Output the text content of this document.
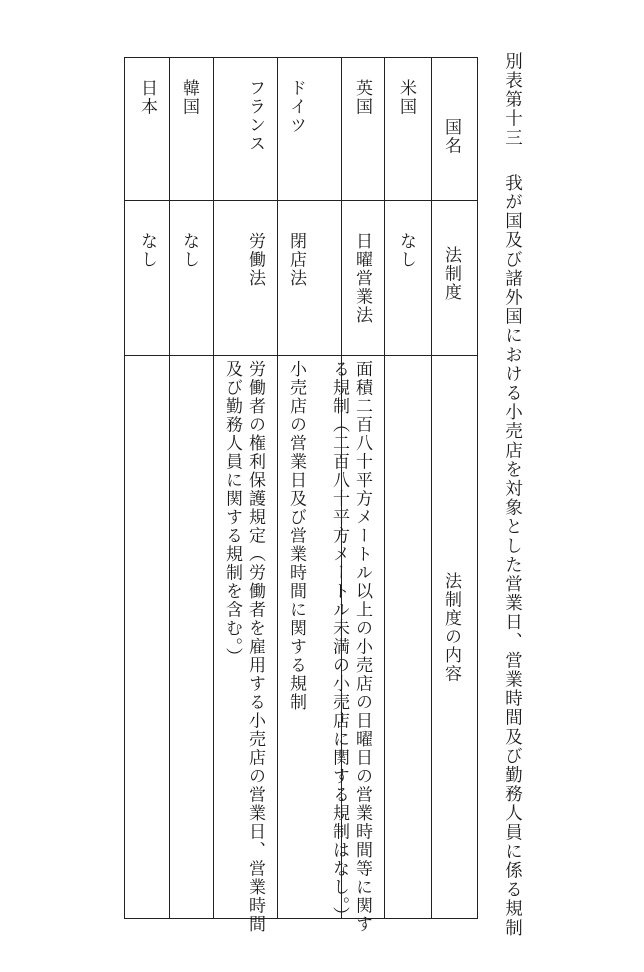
別表第十三我が国及び諸外国における小売店を対象とした営業日、営業時間及び勤務人員に係る規制
国名
法制度
法制度の内容
米国
なし
英国
日曜営業法
面積二百八十平方メートル以上の小売店の日曜日の営業時間等に関す
る規制（二百八十平方メートル未満の小売店に関する規制はなし。）
ドイツ
閉店法
小売店の営業日及び営業時間に関する規制
フランス
労働法
労働者の権利保護規定（労働者を雇用する小売店の営業日、営業時間
及び勤務人員に関する規制を含む。）
韓国
なし
日本
なし
